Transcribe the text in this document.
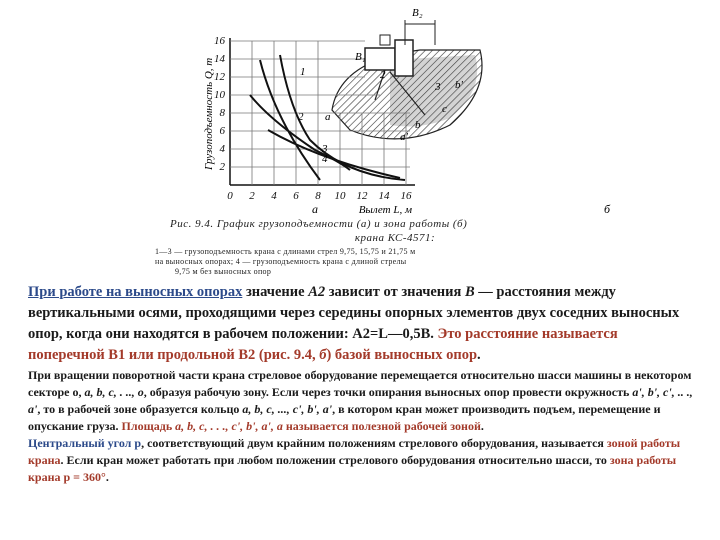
2
4
6
8
10
12
14
16
0 2 4 6 8 10 12 14 16
a	Вылет L, м	б
Грузоподъемность Q, т	1
2
3
4
B₂
B₁
a
b
c
a'
b'
2
3
Рис. 9.4. График грузоподъемности (а) и зона работы (б)
крана КС-4571:
1—3 — грузоподъемность крана с длинами стрел 9,75, 15,75 и 21,75 м
на выносных опорах; 4 — грузоподъемность крана с длиной стрелы
9,75 м без выносных опор
При работе на выносных опорах значение А2 зависит от значения В — расстояния между вертикальными осями, проходящими через середины опорных элементов двух соседних выносных опор, когда они находятся в рабочем положении: А2=L—0,5В. Это расстояние называется поперечной В1 или продольной В2 (рис. 9.4, б) базой выносных опор.
При вращении поворотной части крана стреловое оборудование перемещается относительно шасси машины в некотором секторе о, а, b, с, . .., о, образуя рабочую зону. Если через точки опирания выносных опор провести окружность а', b', с', .. ., а', то в рабочей зоне образуется кольцо а, b, с, ..., с', b', а', в котором кран может производить подъем, перемещение и опускание груза. Площадь а, b, с, . . ., с', b', а', а называется полезной рабочей зоной.
Центральный угол р, соответствующий двум крайним положениям стрелового оборудования, называется зоной работы крана. Если кран может работать при любом положении стрелового оборудования относительно шасси, то зона работы крана р = 360°.
